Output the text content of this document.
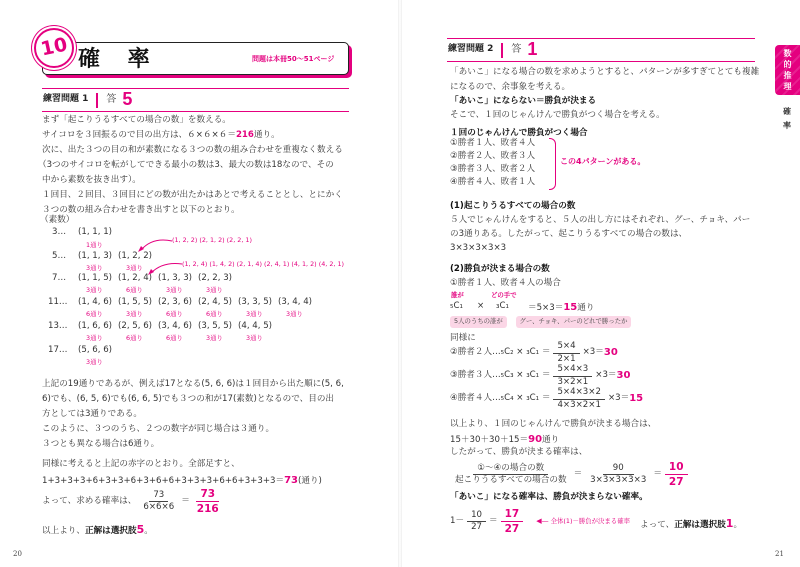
10 確 率	問題は本冊50～51ページ
練習問題 1 答 5
まず「起こりうるすべての場合の数」を数える。
サイコロを３回振るので目の出方は、６×６×６＝216通り。
次に、出た３つの目の和が素数になる３つの数の組み合わせを重複なく数える
（3つのサイコロを転がしてできる最小の数は3、最大の数は18なので、その
中から素数を抜き出す）。
１回目、２回目、３回目にどの数が出たかはあとで考えることとし、とにかく
３つの数の組み合わせを書き出すと以下のとおり。
（素数）
3… (1, 1, 1)
1通り
5… (1, 1, 3) (1, 2, 2)
3通り	3通り
7… (1, 1, 5) (1, 2, 4) (1, 3, 3) (2, 2, 3)
3通り	6通り	3通り	3通り
11… (1, 4, 6) (1, 5, 5) (2, 3, 6) (2, 4, 5) (3, 3, 5) (3, 4, 4)
6通り	3通り	6通り	6通り	3通り	3通り
13… (1, 6, 6) (2, 5, 6) (3, 4, 6) (3, 5, 5) (4, 4, 5)
3通り	6通り	6通り	3通り	3通り
17… (5, 6, 6)
3通り
(1, 2, 2) (2, 1, 2) (2, 2, 1)
(1, 2, 4) (1, 4, 2) (2, 1, 4) (2, 4, 1) (4, 1, 2) (4, 2, 1)
上記の19通りであるが、例えば17となる(5, 6, 6)は１回目から出た順に(5, 6,
6)でも、(6, 5, 6)でも(6, 6, 5)でも３つの和が17(素数)となるので、目の出
方としては3通りである。
このように、３つのうち、２つの数字が同じ場合は３通り。
３つとも異なる場合は6通り。
同様に考えると上記の赤字のとおり。全部足すと、
1+3+3+3+6+3+3+6+3+6+6+3+3+3+6+6+3+3+3＝73(通り)
よって、求める確率は、 $\frac{73}{6\times 6\times 6} = \frac{73}{216}$
以上より、正解は選択肢5。
20
練習問題 2 答 1	数的推理
確率
「あいこ」になる場合の数を求めようとすると、パターンが多すぎてとても複雑
になるので、余事象を考える。
「あいこ」にならない＝勝負が決まる
そこで、１回のじゃんけんで勝負がつく場合を考える。
１回のじゃんけんで勝負がつく場合
①勝者１人、敗者４人
②勝者２人、敗者３人
③勝者３人、敗者２人
④勝者４人、敗者１人
この4パターンがある。
(1)起こりうるすべての場合の数
５人でじゃんけんをすると、５人の出し方にはそれぞれ、グー、チョキ、パー
の3通りある。したがって、起こりうるすべての場合の数は、
3×3×3×3×3
(2)勝負が決まる場合の数
①勝者１人、敗者４人の場合
誰が	どの手で
₅C₁ × ₃C₁ ＝5×3＝15通り
5人のうちの誰が	グー、チョキ、パーのどれで勝ったか
同様に
②勝者２人…₅C₂ × $_3C_1 = \frac{5\times 4}{2\times 1} \times 3= 30$
③勝者３人…₅C₃ × $_3C_1 = \frac{5\times 4\times 3}{3\times 2\times 1} \times 3= 30$
④勝者４人…₅C₄ × $_3C_1 = \frac{5\times 4\times 3\times 2}{4\times 3\times 2\times 1} \times 3= 15$
以上より、１回のじゃんけんで勝負が決まる場合は、
15＋30＋30＋15＝90通り
したがって、勝負が決まる確率は、
$\frac{\text{①～④の場合の数}}{\text{起こりうるすべての場合の数}} = \frac{90}{3\times 3\times 3\times 3\times 3} = \frac{10}{27}$
「あいこ」になる確率は、勝負が決まらない確率。
$1- \frac{10}{27} = \frac{17}{27}$ ◀— 全体(1)－勝負が決まる確率 よって、正解は選択肢1。
21
